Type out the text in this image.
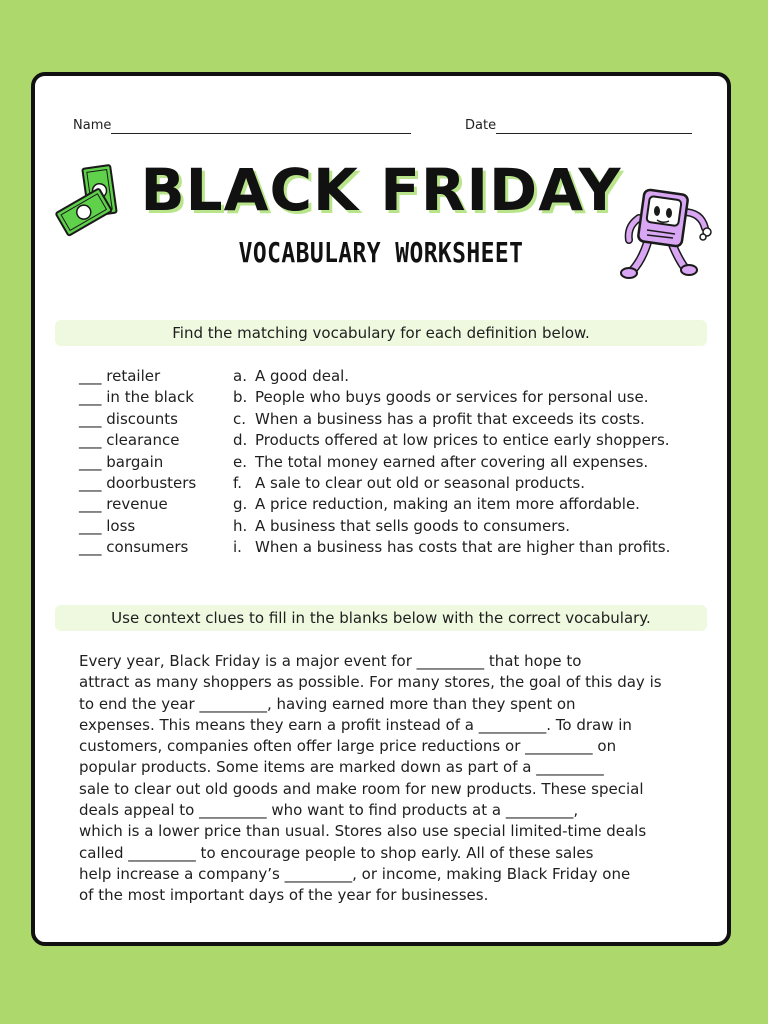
Name	Date
BLACK FRIDAY
VOCABULARY WORKSHEET
Find the matching vocabulary for each definition below.
___ retailer
___ in the black
___ discounts
___ clearance
___ bargain
___ doorbusters
___ revenue
___ loss
___ consumers
a. A good deal.
b. People who buys goods or services for personal use.
c. When a business has a profit that exceeds its costs.
d. Products offered at low prices to entice early shoppers.
e. The total money earned after covering all expenses.
f. A sale to clear out old or seasonal products.
g. A price reduction, making an item more affordable.
h. A business that sells goods to consumers.
i. When a business has costs that are higher than profits.
Use context clues to fill in the blanks below with the correct vocabulary.

Every year, Black Friday is a major event for _________ that hope to

attract as many shoppers as possible. For many stores, the goal of this day is

to end the year _________, having earned more than they spent on

expenses. This means they earn a profit instead of a _________. To draw in

customers, companies often offer large price reductions or _________ on

popular products. Some items are marked down as part of a _________

sale to clear out old goods and make room for new products. These special

deals appeal to _________ who want to find products at a _________,

which is a lower price than usual. Stores also use special limited-time deals

called _________ to encourage people to shop early. All of these sales

help increase a company’s _________, or income, making Black Friday one

of the most important days of the year for businesses.
